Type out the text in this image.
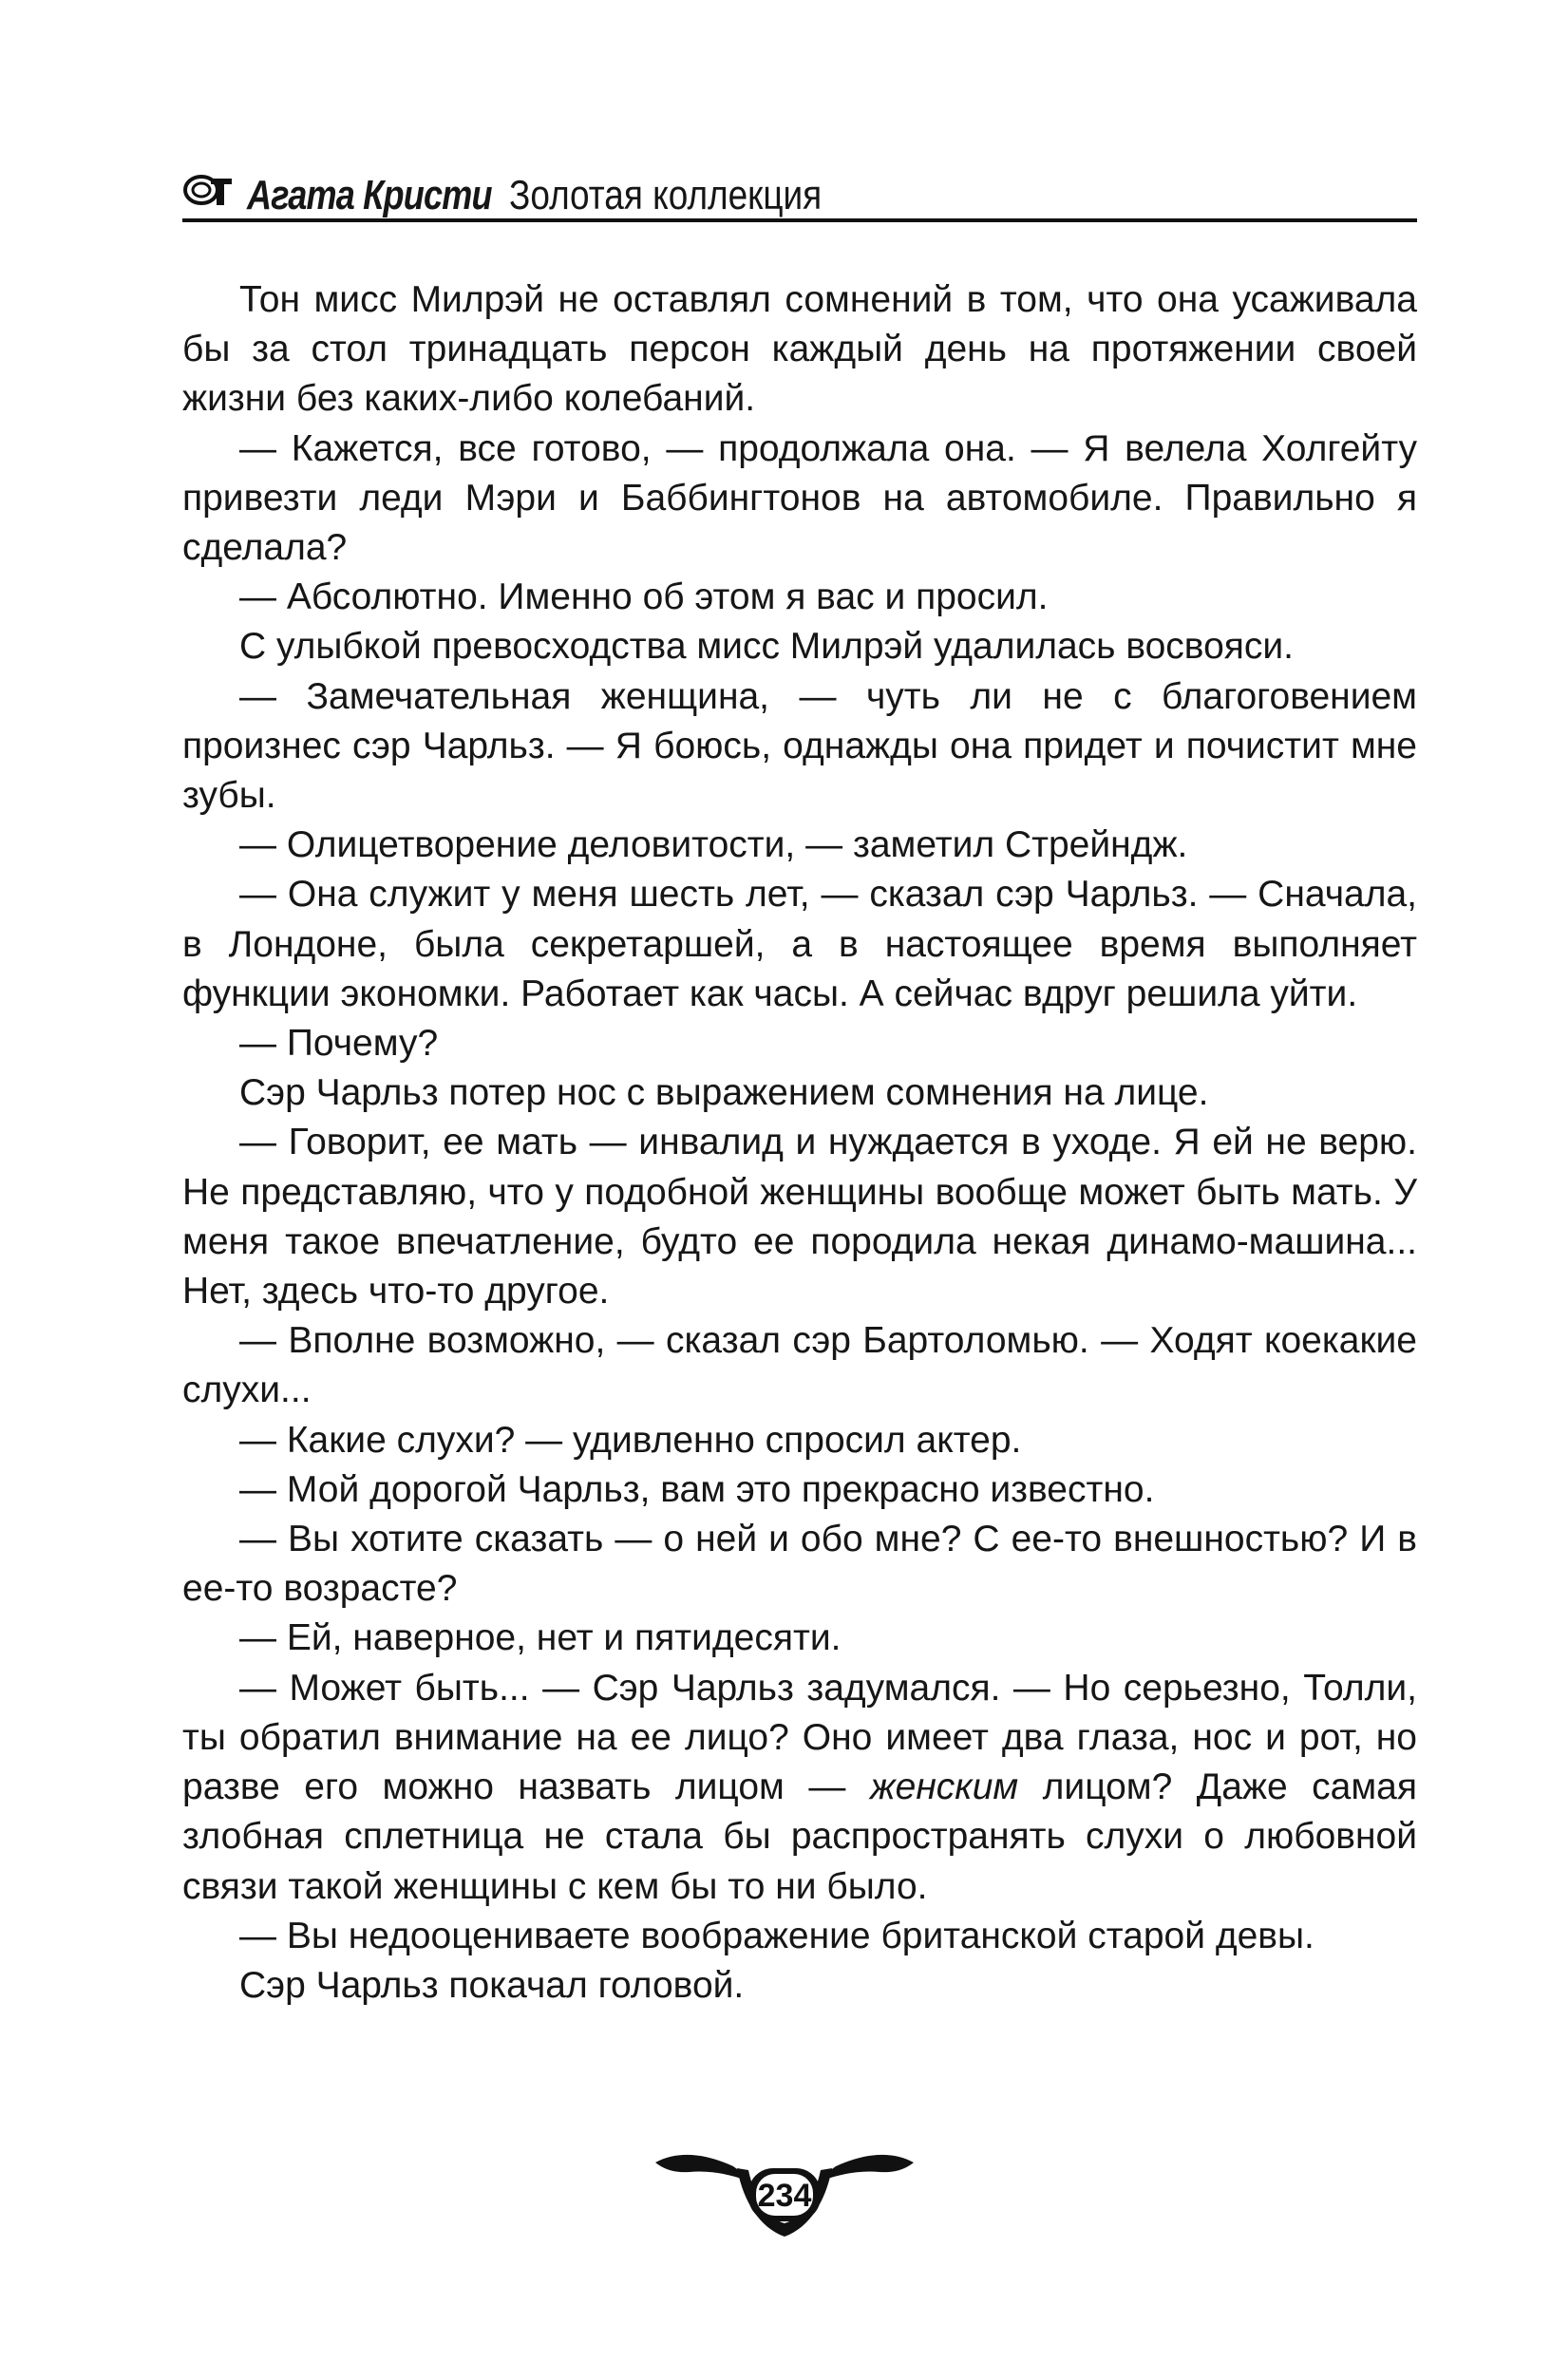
Агата Кристи Золотая коллекция

Тон мисс Милрэй не оставлял сомнений в том, что она усаживала бы за стол тринадцать персон каждый день на протяжении своей жизни без каких-либо колебаний.

— Кажется, все готово, — продолжала она. — Я велела Холгейту привезти леди Мэри и Баббингтонов на автомобиле. Правильно я сделала?

— Абсолютно. Именно об этом я вас и просил.

С улыбкой превосходства мисс Милрэй удалилась восвояси.

— Замечательная женщина, — чуть ли не с благоговением произнес сэр Чарльз. — Я боюсь, однажды она придет и почистит мне зубы.

— Олицетворение деловитости, — заметил Стрейндж.

— Она служит у меня шесть лет, — сказал сэр Чарльз. — Сначала, в Лондоне, была секретаршей, а в настоящее время выполняет функции экономки. Работает как часы. А сейчас вдруг решила уйти.

— Почему?

Сэр Чарльз потер нос с выражением сомнения на лице.

— Говорит, ее мать — инвалид и нуждается в уходе. Я ей не верю. Не представляю, что у подобной женщины вообще может быть мать. У меня такое впечатление, будто ее породила некая динамо-машина... Нет, здесь что-то другое.

— Вполне возможно, — сказал сэр Бартоломью. — Ходят коекакие слухи...

— Какие слухи? — удивленно спросил актер.

— Мой дорогой Чарльз, вам это прекрасно известно.

— Вы хотите сказать — о ней и обо мне? С ее-то внешностью? И в ее-то возрасте?

— Ей, наверное, нет и пятидесяти.

— Может быть... — Сэр Чарльз задумался. — Но серьезно, Толли, ты обратил внимание на ее лицо? Оно имеет два глаза, нос и рот, но разве его можно назвать лицом — женским лицом? Даже самая злобная сплетница не стала бы распространять слухи о любовной связи такой женщины с кем бы то ни было.

— Вы недооцениваете воображение британской старой девы.

Сэр Чарльз покачал головой.

234
